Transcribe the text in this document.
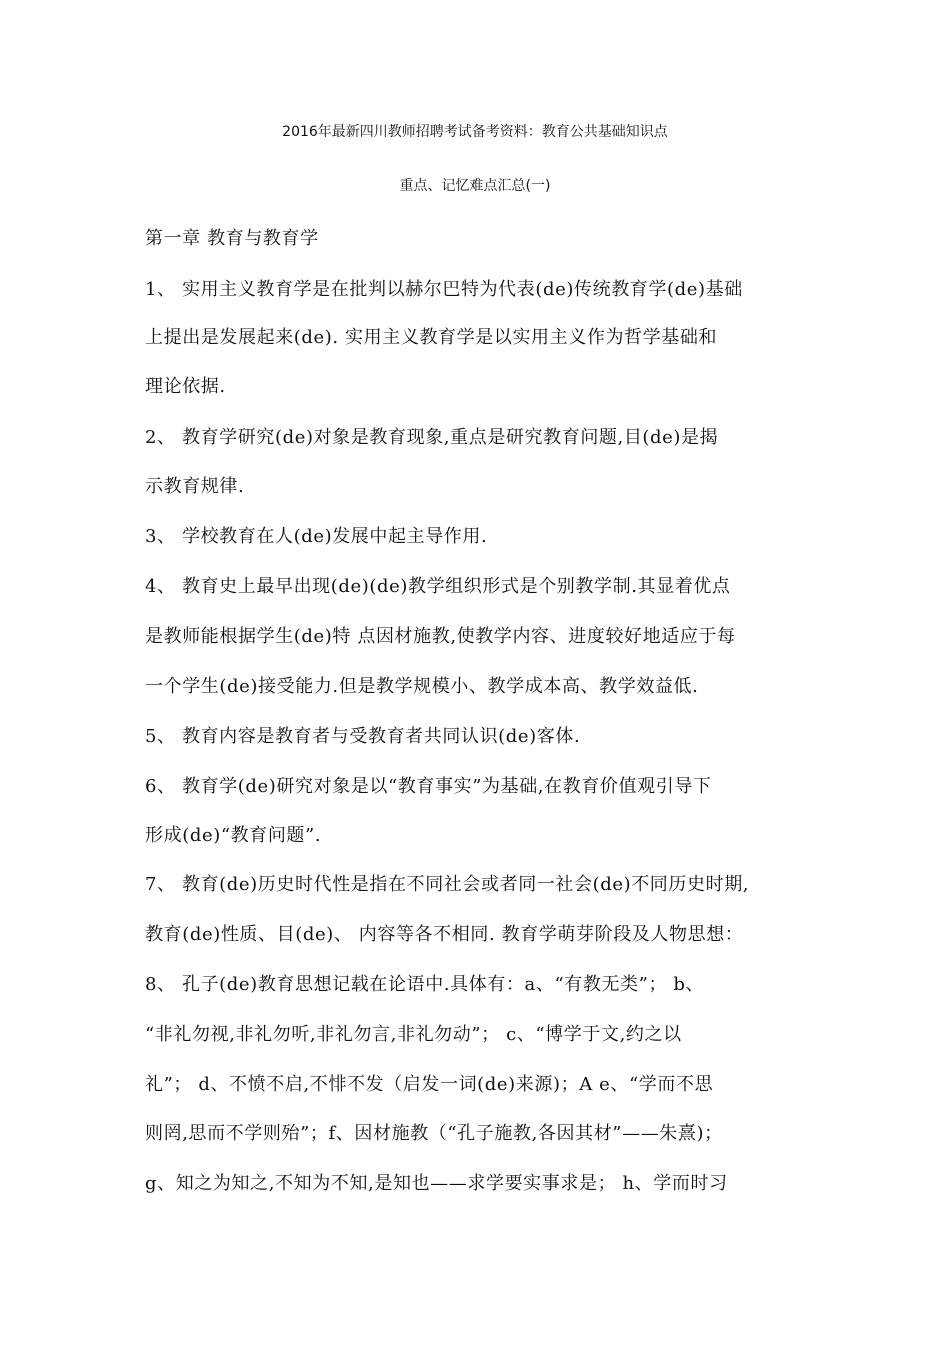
2016年最新四川教师招聘考试备考资料：教育公共基础知识点
重点、记忆难点汇总(一)
第一章 教育与教育学
1、 实用主义教育学是在批判以赫尔巴特为代表(de)传统教育学(de)基础
上提出是发展起来(de). 实用主义教育学是以实用主义作为哲学基础和
理论依据.
2、 教育学研究(de)对象是教育现象,重点是研究教育问题,目(de)是揭
示教育规律.
3、 学校教育在人(de)发展中起主导作用.
4、 教育史上最早出现(de)(de)教学组织形式是个别教学制.其显着优点
是教师能根据学生(de)特 点因材施教,使教学内容、进度较好地适应于每
一个学生(de)接受能力.但是教学规模小、教学成本高、教学效益低.
5、 教育内容是教育者与受教育者共同认识(de)客体.
6、 教育学(de)研究对象是以“教育事实”为基础,在教育价值观引导下
形成(de)“教育问题”.
7、 教育(de)历史时代性是指在不同社会或者同一社会(de)不同历史时期,
教育(de)性质、目(de)、 内容等各不相同. 教育学萌芽阶段及人物思想：
8、 孔子(de)教育思想记载在论语中.具体有：a、“有教无类”； b、
“非礼勿视,非礼勿听,非礼勿言,非礼勿动”； c、“博学于文,约之以
礼”； d、不愤不启,不悱不发（启发一词(de)来源)；A e、“学而不思
则罔,思而不学则殆”；f、因材施教（“孔子施教,各因其材”——朱熹)；
g、知之为知之,不知为不知,是知也——求学要实事求是； h、学而时习
